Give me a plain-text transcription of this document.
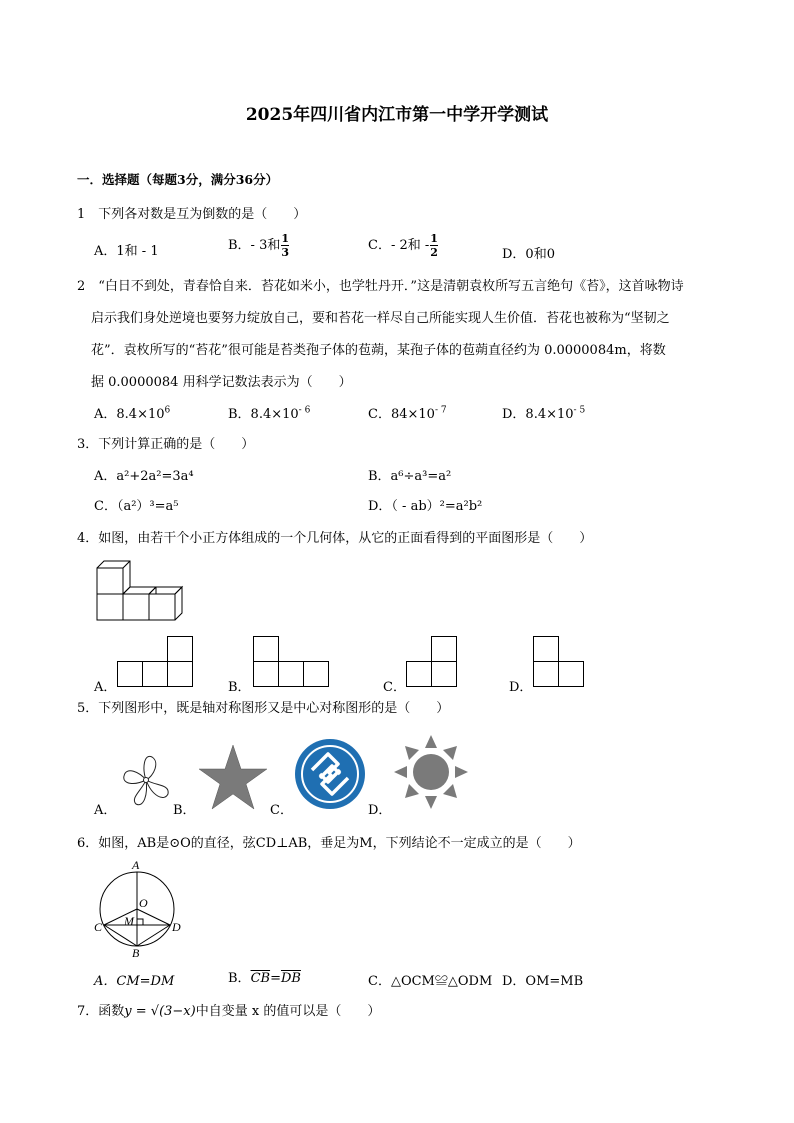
2025年四川省内江市第一中学开学测试
一．选择题（每题3分，满分36分）
1　下列各对数是互为倒数的是（　　）
A．1和 - 1	B．- 3和 $\frac{1}{3}$	C．- 2和 - $\frac{1}{2}$	D．0和0
2　“白日不到处，青春恰自来．苔花如米小，也学牡丹开．”这是清朝袁枚所写五言绝句《苔》，这首咏物诗
启示我们身处逆境也要努力绽放自己，要和苔花一样尽自己所能实现人生价值．苔花也被称为“坚韧之
花”．袁枚所写的“苔花”很可能是苔类孢子体的苞蒴，某孢子体的苞蒴直径约为 0.0000084m，将数
据 0.0000084 用科学记数法表示为（　　）
A．$8.4\times 10^6$	B．$8.4\times 10^{- 6}$	C．$84\times 10^{- 7}$	D．$8.4\times 10^{- 5}$
3．下列计算正确的是（　　）
A．a²+2a²=3a⁴	B．a⁶÷a³=a²
C．（a²）³=a⁵	D．（ - ab）²=a²b²
4．如图，由若干个小正方体组成的一个几何体，从它的正面看得到的平面图形是（　　）
A．	B．	C．	D．
5．下列图形中，既是轴对称图形又是中心对称图形的是（　　）
A．	B．	C．	D．
6．如图，AB是⊙O的直径，弦CD⊥AB，垂足为M，下列结论不一定成立的是（　　）
A
O
M
C	D
B
A．CM=DM	B．$\overline{CB}=\overline{DB}$	C．△OCM≌△ODM D．OM=MB
7．函数y = √(3−x)中自变量 x 的值可以是（　　）
